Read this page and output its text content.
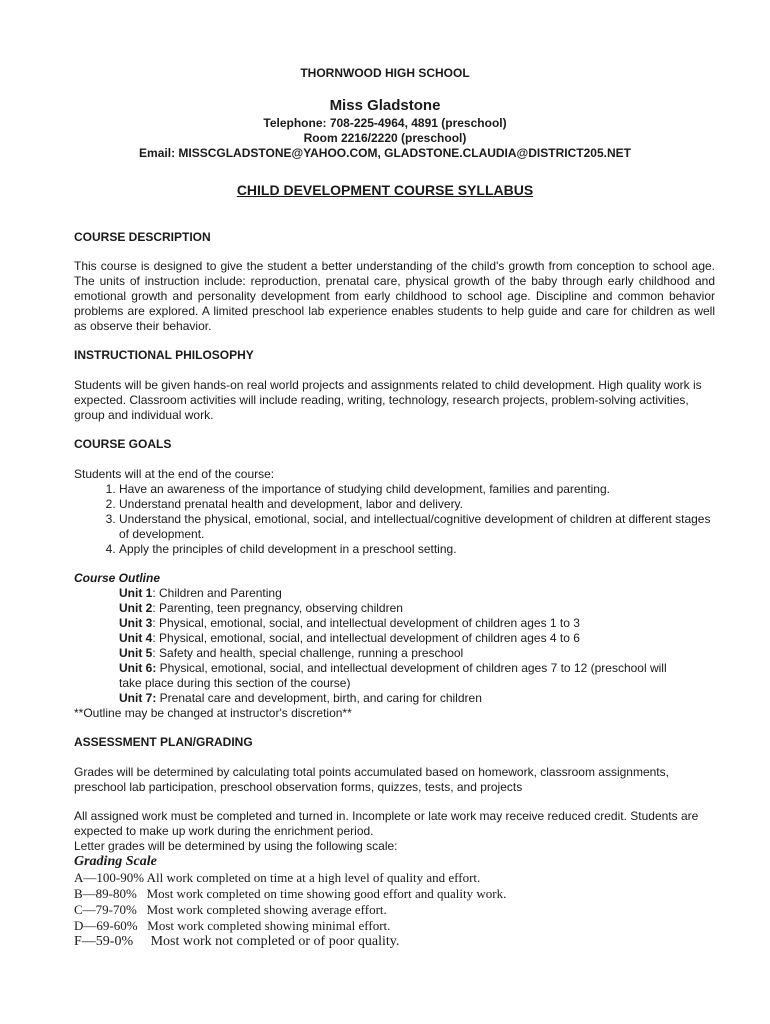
THORNWOOD HIGH SCHOOL
Miss Gladstone
Telephone: 708-225-4964, 4891 (preschool)
Room 2216/2220 (preschool)
Email: MISSCGLADSTONE@YAHOO.COM, GLADSTONE.CLAUDIA@DISTRICT205.NET
CHILD DEVELOPMENT COURSE SYLLABUS
COURSE DESCRIPTION
This course is designed to give the student a better understanding of the child's growth from conception to school age. The units of instruction include: reproduction, prenatal care, physical growth of the baby through early childhood and emotional growth and personality development from early childhood to school age. Discipline and common behavior problems are explored. A limited preschool lab experience enables students to help guide and care for children as well as observe their behavior.
INSTRUCTIONAL PHILOSOPHY
Students will be given hands-on real world projects and assignments related to child development. High quality work is expected. Classroom activities will include reading, writing, technology, research projects, problem-solving activities, group and individual work.
COURSE GOALS
Students will at the end of the course:
1. Have an awareness of the importance of studying child development, families and parenting.
2. Understand prenatal health and development, labor and delivery.
3. Understand the physical, emotional, social, and intellectual/cognitive development of children at different stages of development.
4. Apply the principles of child development in a preschool setting.
Course Outline
Unit 1: Children and Parenting
Unit 2: Parenting, teen pregnancy, observing children
Unit 3: Physical, emotional, social, and intellectual development of children ages 1 to 3
Unit 4: Physical, emotional, social, and intellectual development of children ages 4 to 6
Unit 5: Safety and health, special challenge, running a preschool
Unit 6: Physical, emotional, social, and intellectual development of children ages 7 to 12 (preschool will
take place during this section of the course)
Unit 7: Prenatal care and development, birth, and caring for children
**Outline may be changed at instructor's discretion**
ASSESSMENT PLAN/GRADING
Grades will be determined by calculating total points accumulated based on homework, classroom assignments, preschool lab participation, preschool observation forms, quizzes, tests, and projects
All assigned work must be completed and turned in. Incomplete or late work may receive reduced credit. Students are expected to make up work during the enrichment period.
Letter grades will be determined by using the following scale:
Grading Scale
A—100-90% All work completed on time at a high level of quality and effort.
B—89-80%   Most work completed on time showing good effort and quality work.
C—79-70%   Most work completed showing average effort.
D—69-60%   Most work completed showing minimal effort.
F—59-0%     Most work not completed or of poor quality.
